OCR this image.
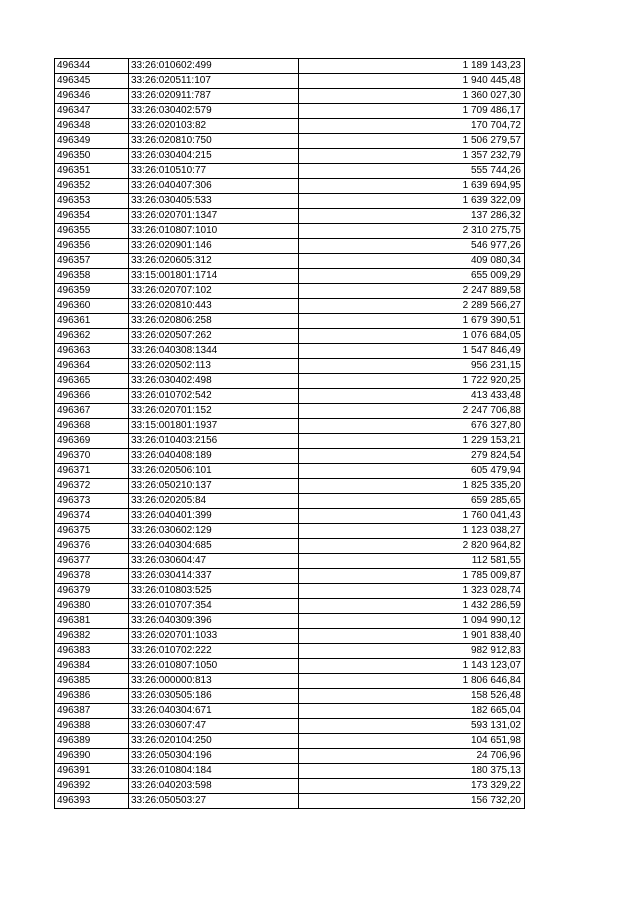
496344	33:26:010602:499	1 189 143,23
496345	33:26:020511:107	1 940 445,48
496346	33:26:020911:787	1 360 027,30
496347	33:26:030402:579	1 709 486,17
496348	33:26:020103:82	170 704,72
496349	33:26:020810:750	1 506 279,57
496350	33:26:030404:215	1 357 232,79
496351	33:26:010510:77	555 744,26
496352	33:26:040407:306	1 639 694,95
496353	33:26:030405:533	1 639 322,09
496354	33:26:020701:1347	137 286,32
496355	33:26:010807:1010	2 310 275,75
496356	33:26:020901:146	546 977,26
496357	33:26:020605:312	409 080,34
496358	33:15:001801:1714	655 009,29
496359	33:26:020707:102	2 247 889,58
496360	33:26:020810:443	2 289 566,27
496361	33:26:020806:258	1 679 390,51
496362	33:26:020507:262	1 076 684,05
496363	33:26:040308:1344	1 547 846,49
496364	33:26:020502:113	956 231,15
496365	33:26:030402:498	1 722 920,25
496366	33:26:010702:542	413 433,48
496367	33:26:020701:152	2 247 706,88
496368	33:15:001801:1937	676 327,80
496369	33:26:010403:2156	1 229 153,21
496370	33:26:040408:189	279 824,54
496371	33:26:020506:101	605 479,94
496372	33:26:050210:137	1 825 335,20
496373	33:26:020205:84	659 285,65
496374	33:26:040401:399	1 760 041,43
496375	33:26:030602:129	1 123 038,27
496376	33:26:040304:685	2 820 964,82
496377	33:26:030604:47	112 581,55
496378	33:26:030414:337	1 785 009,87
496379	33:26:010803:525	1 323 028,74
496380	33:26:010707:354	1 432 286,59
496381	33:26:040309:396	1 094 990,12
496382	33:26:020701:1033	1 901 838,40
496383	33:26:010702:222	982 912,83
496384	33:26:010807:1050	1 143 123,07
496385	33:26:000000:813	1 806 646,84
496386	33:26:030505:186	158 526,48
496387	33:26:040304:671	182 665,04
496388	33:26:030607:47	593 131,02
496389	33:26:020104:250	104 651,98
496390	33:26:050304:196	24 706,96
496391	33:26:010804:184	180 375,13
496392	33:26:040203:598	173 329,22
496393	33:26:050503:27	156 732,20
